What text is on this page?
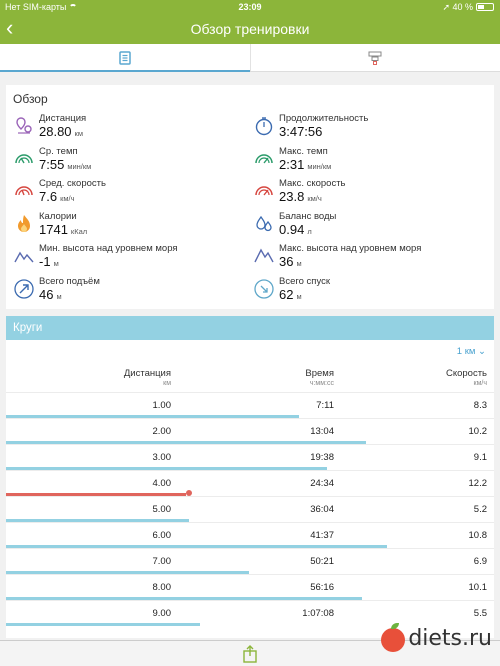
Нет SIM-карты	23:09	➚ 40 %
‹	Обзор тренировки
Обзор
Дистанция
28.80 км
Ср. темп
7:55 мин/км
Сред. скорость
7.6 км/ч
Калории
1741 кКал
Мин. высота над уровнем моря
-1 м
Всего подъём
46 м
Продолжительность
3:47:56
Макс. темп
2:31 мин/км
Макс. скорость
23.8 км/ч
Баланс воды
0.94 л
Макс. высота над уровнем моря
36 м
Всего спуск
62 м
Круги
1 км ⌄
Дистанция
км
Время
ч:мм:сс
Скорость
км/ч
1.00	7:11	8.3
2.00	13:04	10.2
3.00	19:38	9.1
4.00	24:34	12.2
5.00	36:04	5.2
6.00	41:37	10.8
7.00	50:21	6.9
8.00	56:16	10.1
9.00	1:07:08	5.5
diets.ru
